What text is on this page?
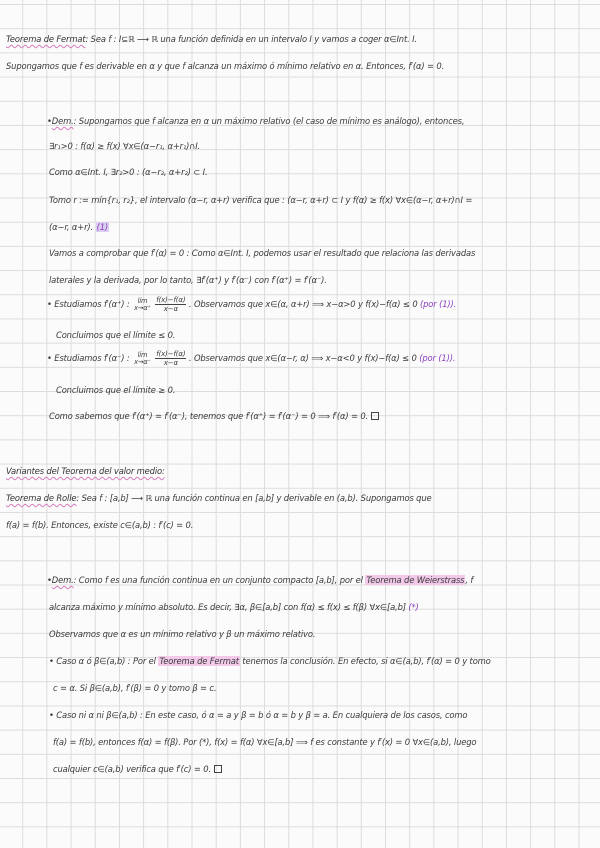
Teorema de Fermat: Sea f : I⊆ℝ ⟶ ℝ una función definida en un intervalo I y vamos a coger α∈Int. I.
Supongamos que f es derivable en α y que f alcanza un máximo ó mínimo relativo en α. Entonces, f′(α) = 0.
•Dem.: Supongamos que f alcanza en α un máximo relativo (el caso de mínimo es análogo), entonces,
∃r₁>0 : f(α) ≥ f(x) ∀x∈(α−r₁, α+r₁)∩I.
Como α∈Int. I, ∃r₂>0 : (α−r₂, α+r₂) ⊂ I.
Tomo r := mín{r₁, r₂}, el intervalo (α−r, α+r) verifica que : (α−r, α+r) ⊂ I y f(α) ≥ f(x) ∀x∈(α−r, α+r)∩I =
(α−r, α+r). (1)
Vamos a comprobar que f′(α) = 0 : Como α∈Int. I, podemos usar el resultado que relaciona las derivadas
laterales y la derivada, por lo tanto, ∃f′(α⁺) y f′(α⁻) con f′(α⁺) = f′(α⁻).
• Estudiamos f′(α⁺) :	lím
x→α⁺
$\frac{f(x)-f(\alpha)}{x-\alpha}$ . Observamos que x∈(α, α+r) ⟹ x−α>0 y f(x)−f(α) ≤ 0 (por (1)).
Concluimos que el límite ≤ 0.
• Estudiamos f′(α⁻) :	lím
x→α⁻
$\frac{f(x)-f(\alpha)}{x-\alpha}$ . Observamos que x∈(α−r, α) ⟹ x−α<0 y f(x)−f(α) ≤ 0 (por (1)).
Concluimos que el límite ≥ 0.
Como sabemos que f′(α⁺) = f′(α⁻), tenemos que f′(α⁺) = f′(α⁻) = 0 ⟹ f′(α) = 0.
Variantes del Teorema del valor medio:
Teorema de Rolle: Sea f : [a,b] ⟶ ℝ una función continua en [a,b] y derivable en (a,b). Supongamos que
f(a) = f(b). Entonces, existe c∈(a,b) : f′(c) = 0.
•Dem.: Como f es una función continua en un conjunto compacto [a,b], por el Teorema de Weierstrass, f
alcanza máximo y mínimo absoluto. Es decir, ∃α, β∈[a,b] con f(α) ≤ f(x) ≤ f(β) ∀x∈[a,b] (*)
Observamos que α es un mínimo relativo y β un máximo relativo.
• Caso α ó β∈(a,b) : Por el Teorema de Fermat tenemos la conclusión. En efecto, si α∈(a,b), f′(α) = 0 y tomo
c = α. Si β∈(a,b), f′(β) = 0 y tomo β = c.
• Caso ni α ni β∈(a,b) : En este caso, ó α = a y β = b ó α = b y β = a. En cualquiera de los casos, como
f(a) = f(b), entonces f(α) = f(β). Por (*), f(x) = f(α) ∀x∈[a,b] ⟹ f es constante y f′(x) = 0 ∀x∈(a,b), luego
cualquier c∈(a,b) verifica que f′(c) = 0.
